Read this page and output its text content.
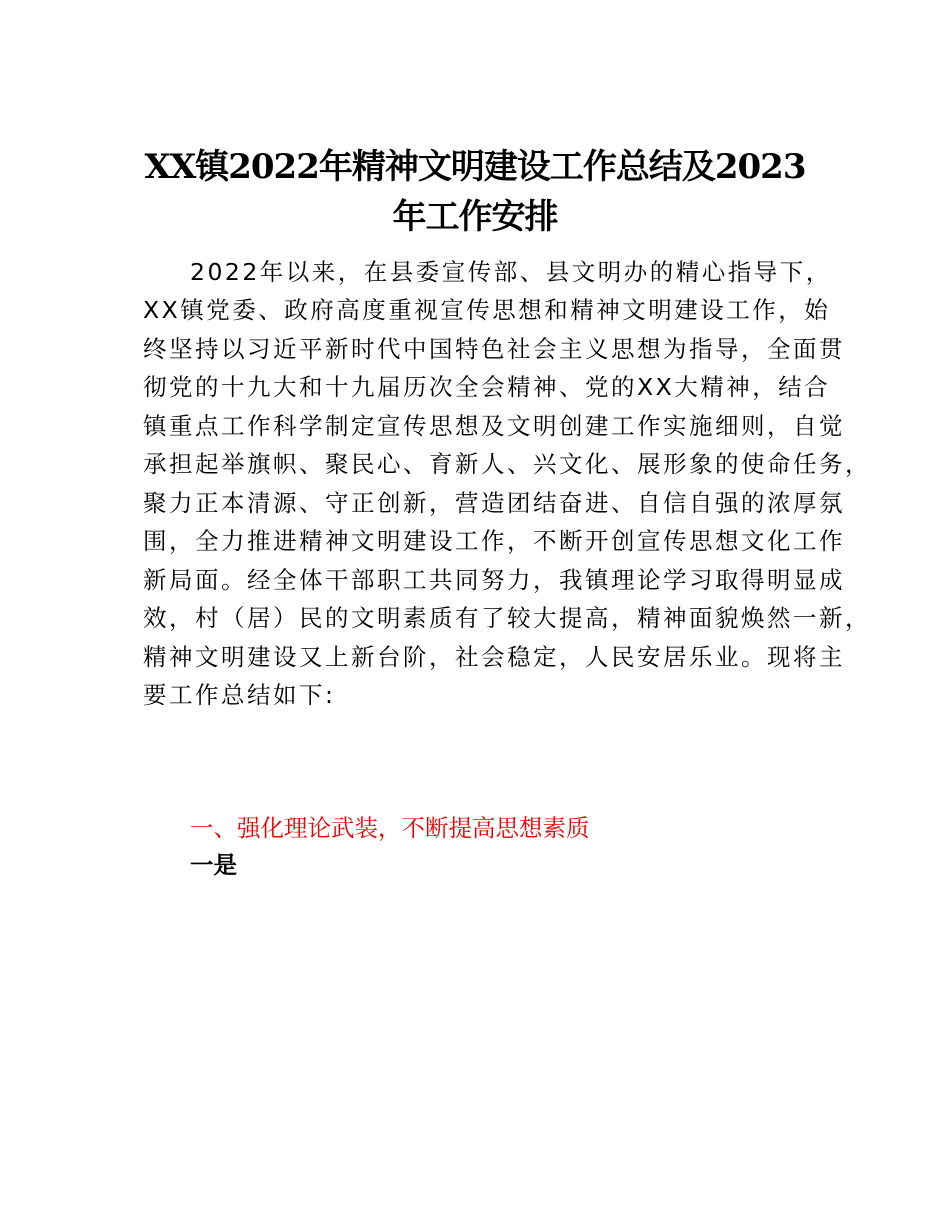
XX镇2022年精神文明建设工作总结及2023
年工作安排
2022年以来，在县委宣传部、县文明办的精心指导下，
XX镇党委、政府高度重视宣传思想和精神文明建设工作，始
终坚持以习近平新时代中国特色社会主义思想为指导，全面贯
彻党的十九大和十九届历次全会精神、党的XX大精神，结合
镇重点工作科学制定宣传思想及文明创建工作实施细则，自觉
承担起举旗帜、聚民心、育新人、兴文化、展形象的使命任务，
聚力正本清源、守正创新，营造团结奋进、自信自强的浓厚氛
围，全力推进精神文明建设工作，不断开创宣传思想文化工作
新局面。经全体干部职工共同努力，我镇理论学习取得明显成
效，村（居）民的文明素质有了较大提高，精神面貌焕然一新，
精神文明建设又上新台阶，社会稳定，人民安居乐业。现将主
要工作总结如下:
一、强化理论武装，不断提高思想素质
一是
